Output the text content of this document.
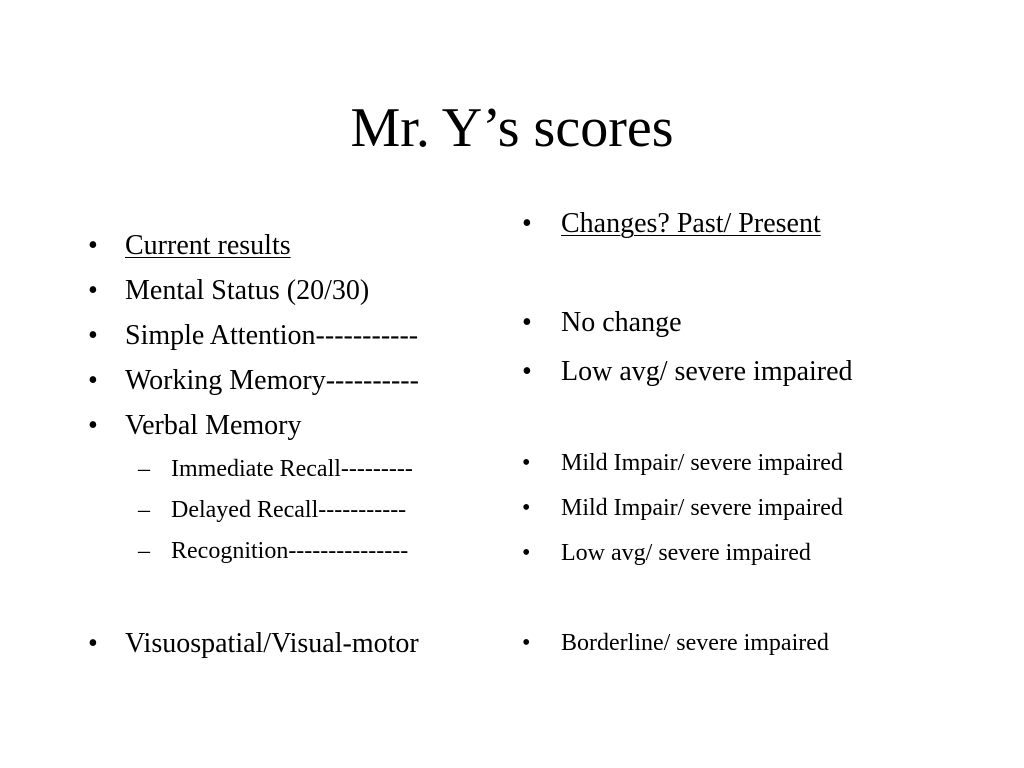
Mr. Y’s scores
• Current results
• Mental Status (20/30)
• Simple Attention-----------
• Working Memory----------
• Verbal Memory
– Immediate Recall---------
– Delayed Recall-----------
– Recognition---------------
• Visuospatial/Visual-motor
• Changes? Past/ Present
• No change
• Low avg/ severe impaired
• Mild Impair/ severe impaired
• Mild Impair/ severe impaired
• Low avg/ severe impaired
• Borderline/ severe impaired
